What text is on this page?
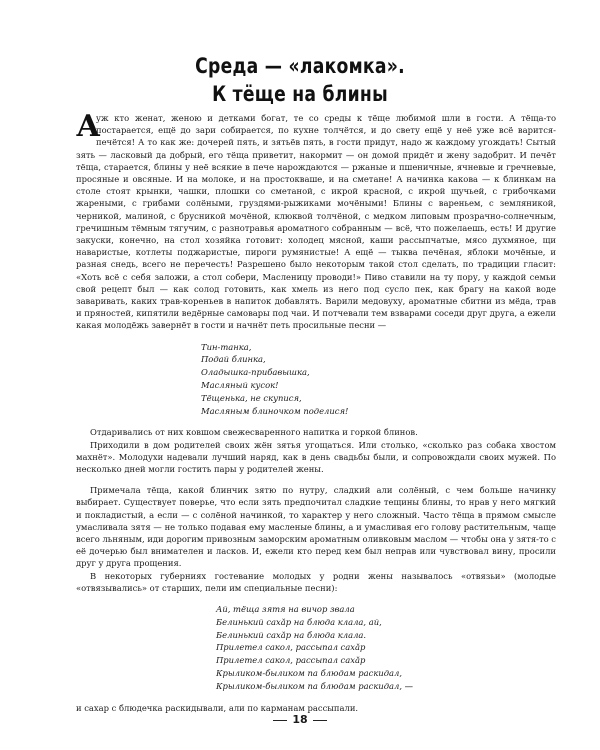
Среда — «лакомка».
К тёще на блины

А
уж кто женат, женою и детками богат, те со среды к тёще любимой шли в гости. А тёща-то постарается, ещё до зари собирается, по кухне толчётся, и до свету ещё у неё уже всё варится-печётся! А то как же: дочерей пять, и зятьёв пять, в гости придут, надо ж каждому угождать! Сытый зять — ласковый да добрый, его тёща приветит, накормит — он домой придёт и жену задобрит. И печёт тёща, старается, блины у неё всякие в пече нарождаются — ржаные и пшеничные, ячневые и гречневые, просяные и овсяные. И на молоке, и на простокваше, и на сметане! А начинка какова — к блинкам на столе стоят крынки, чашки, плошки со сметаной, с икрой красной, с икрой щучьей, с грибочками жареными, с грибами солёными, груздями-рыжиками мочёными! Блины с вареньем, с земляникой, черникой, малиной, с брусникой мочёной, клюквой толчёной, с медком липовым прозрачно-солнечным, гречишным тёмным тягучим, с разнотравья ароматного собранным — всё, что пожелаешь, есть! И другие закуски, конечно, на стол хозяйка готовит: холодец мясной, каши рассыпчатые, мясо духмяное, щи наваристые, котлеты поджаристые, пироги румянистые! А ещё — тыква печёная, яблоки мочёные, и разная снедь, всего не перечесть! Разрешено было некоторым такой стол сделать, по традиции гласит: «Хоть всё с себя заложи, а стол собери, Масленицу проводи!» Пиво ставили на ту пору, у каждой семьи свой рецепт был — как солод готовить, как хмель из него под сусло пек, как брагу на какой воде заваривать, каких трав-кореньев в напиток добавлять. Варили медовуху, ароматные сбитни из мёда, трав и пряностей, кипятили ведёрные самовары под чаи. И потчевали тем взварами соседи друг друга, а ежели какая молодёжь завернёт в гости и начнёт петь просильные песни —

Тин-танка,
Подай блинка,
Оладышка-прибавышка,
Масляный кусок!
Тёщенька, не скупися,
Масляным блиночком поделися!

Отдаривались от них ковшом свежесваренного напитка и горкой блинов.

Приходили в дом родителей своих жён зятья угощаться. Или столько, «сколько раз собака хвостом махнёт». Молодухи надевали лучший наряд, как в день свадьбы были, и сопровождали своих мужей. По несколько дней могли гостить пары у родителей жены.

Примечала тёща, какой блинчик зятю по нутру, сладкий али солёный, с чем больше начинку выбирает. Существует поверье, что если зять предпочитал сладкие тещины блины, то нрав у него мягкий и покладистый, а если — с солёной начинкой, то характер у него сложный. Часто тёща в прямом смысле умасливала зятя — не только подавая ему масленые блины, а и умасливая его голову растительным, чаще всего льняным, иди дорогим привозным заморским ароматным оливковым маслом — чтобы она у зятя-то с её дочерью был внимателен и ласков. И, ежели кто перед кем был неправ или чувствовал вину, просили друг у друга прощения.

В некоторых губерниях гостевание молодых у родни жены называлось «отвязьи» (молодые «отвязывались» от старших, пели им специальные песни):

Ай, тёща зятя на вичор звала
Белинький сахăр на блюда клала, ай,
Белинький сахăр на блюда клала.
Прилетел сакол, рассыпал сахăр
Прилетел сакол, рассыпал сахăр
Крыликом-быликом па блюдам раскидал,
Крыликом-быликом па блюдам раскидал, —

и сахар с блюдечка раскидывали, али по карманам рассыпали.

18
